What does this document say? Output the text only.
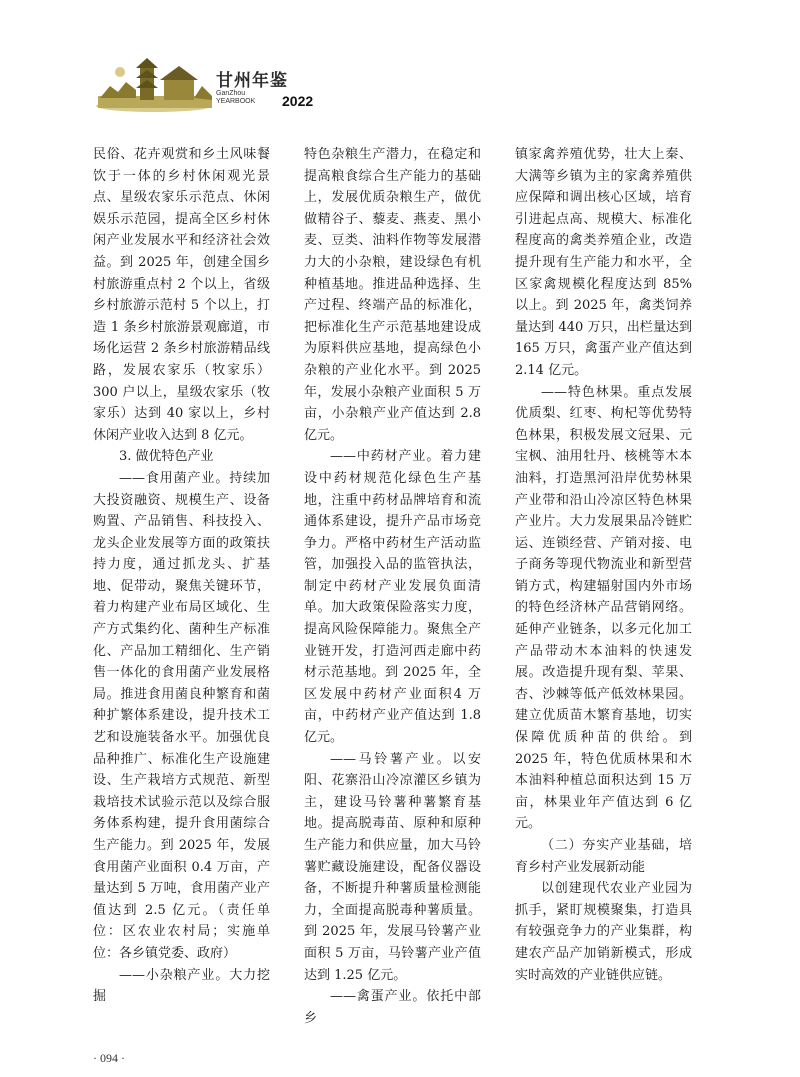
甘州年鉴
GanZhou
YEARBOOK 2022

民俗、花卉观赏和乡土风味餐饮于一体的乡村休闲观光景点、星级农家乐示范点、休闲娱乐示范园，提高全区乡村休闲产业发展水平和经济社会效益。到 2025 年，创建全国乡村旅游重点村 2 个以上，省级乡村旅游示范村 5 个以上，打造 1 条乡村旅游景观廊道，市场化运营 2 条乡村旅游精品线路，发展农家乐（牧家乐）300 户以上，星级农家乐（牧家乐）达到 40 家以上，乡村休闲产业收入达到 8 亿元。

3. 做优特色产业

——食用菌产业。持续加大投资融资、规模生产、设备购置、产品销售、科技投入、龙头企业发展等方面的政策扶持力度，通过抓龙头、扩基地、促带动，聚焦关键环节，着力构建产业布局区域化、生产方式集约化、菌种生产标准化、产品加工精细化、生产销售一体化的食用菌产业发展格局。推进食用菌良种繁育和菌种扩繁体系建设，提升技术工艺和设施装备水平。加强优良品种推广、标准化生产设施建设、生产栽培方式规范、新型栽培技术试验示范以及综合服务体系构建，提升食用菌综合生产能力。到 2025 年，发展食用菌产业面积 0.4 万亩，产量达到 5 万吨，食用菌产业产值达到 2.5 亿元。（责任单位：区农业农村局；实施单位：各乡镇党委、政府）

——小杂粮产业。大力挖掘

特色杂粮生产潜力，在稳定和提高粮食综合生产能力的基础上，发展优质杂粮生产，做优做精谷子、藜麦、燕麦、黑小麦、豆类、油料作物等发展潜力大的小杂粮，建设绿色有机种植基地。推进品种选择、生产过程、终端产品的标准化，把标准化生产示范基地建设成为原料供应基地，提高绿色小杂粮的产业化水平。到 2025 年，发展小杂粮产业面积 5 万亩，小杂粮产业产值达到 2.8 亿元。

——中药材产业。着力建设中药材规范化绿色生产基地，注重中药材品牌培育和流通体系建设，提升产品市场竞争力。严格中药材生产活动监管，加强投入品的监管执法，制定中药材产业发展负面清单。加大政策保险落实力度，提高风险保障能力。聚焦全产业链开发，打造河西走廊中药材示范基地。到 2025 年，全区发展中药材产业面积4 万亩，中药材产业产值达到 1.8 亿元。

——马铃薯产业。以安阳、花寨沿山冷凉灌区乡镇为主，建设马铃薯种薯繁育基地。提高脱毒苗、原种和原种生产能力和供应量，加大马铃薯贮藏设施建设，配备仪器设备，不断提升种薯质量检测能力，全面提高脱毒种薯质量。到 2025 年，发展马铃薯产业面积 5 万亩，马铃薯产业产值达到 1.25 亿元。

——禽蛋产业。依托中部乡

镇家禽养殖优势，壮大上秦、大满等乡镇为主的家禽养殖供应保障和调出核心区域，培育引进起点高、规模大、标准化程度高的禽类养殖企业，改造提升现有生产能力和水平，全区家禽规模化程度达到 85% 以上。到 2025 年，禽类饲养量达到 440 万只，出栏量达到 165 万只，禽蛋产业产值达到 2.14 亿元。

——特色林果。重点发展优质梨、红枣、枸杞等优势特色林果，积极发展文冠果、元宝枫、油用牡丹、核桃等木本油料，打造黑河沿岸优势林果产业带和沿山冷凉区特色林果产业片。大力发展果品冷链贮运、连锁经营、产销对接、电子商务等现代物流业和新型营销方式，构建辐射国内外市场的特色经济林产品营销网络。延伸产业链条，以多元化加工产品带动木本油料的快速发展。改造提升现有梨、苹果、杏、沙棘等低产低效林果园。建立优质苗木繁育基地，切实保障优质种苗的供给。到 2025 年，特色优质林果和木本油料种植总面积达到 15 万亩，林果业年产值达到 6 亿元。

（二）夯实产业基础，培育乡村产业发展新动能

以创建现代农业产业园为抓手，紧盯规模聚集，打造具有较强竞争力的产业集群，构建农产品产加销新模式，形成实时高效的产业链供应链。

· 094 ·
